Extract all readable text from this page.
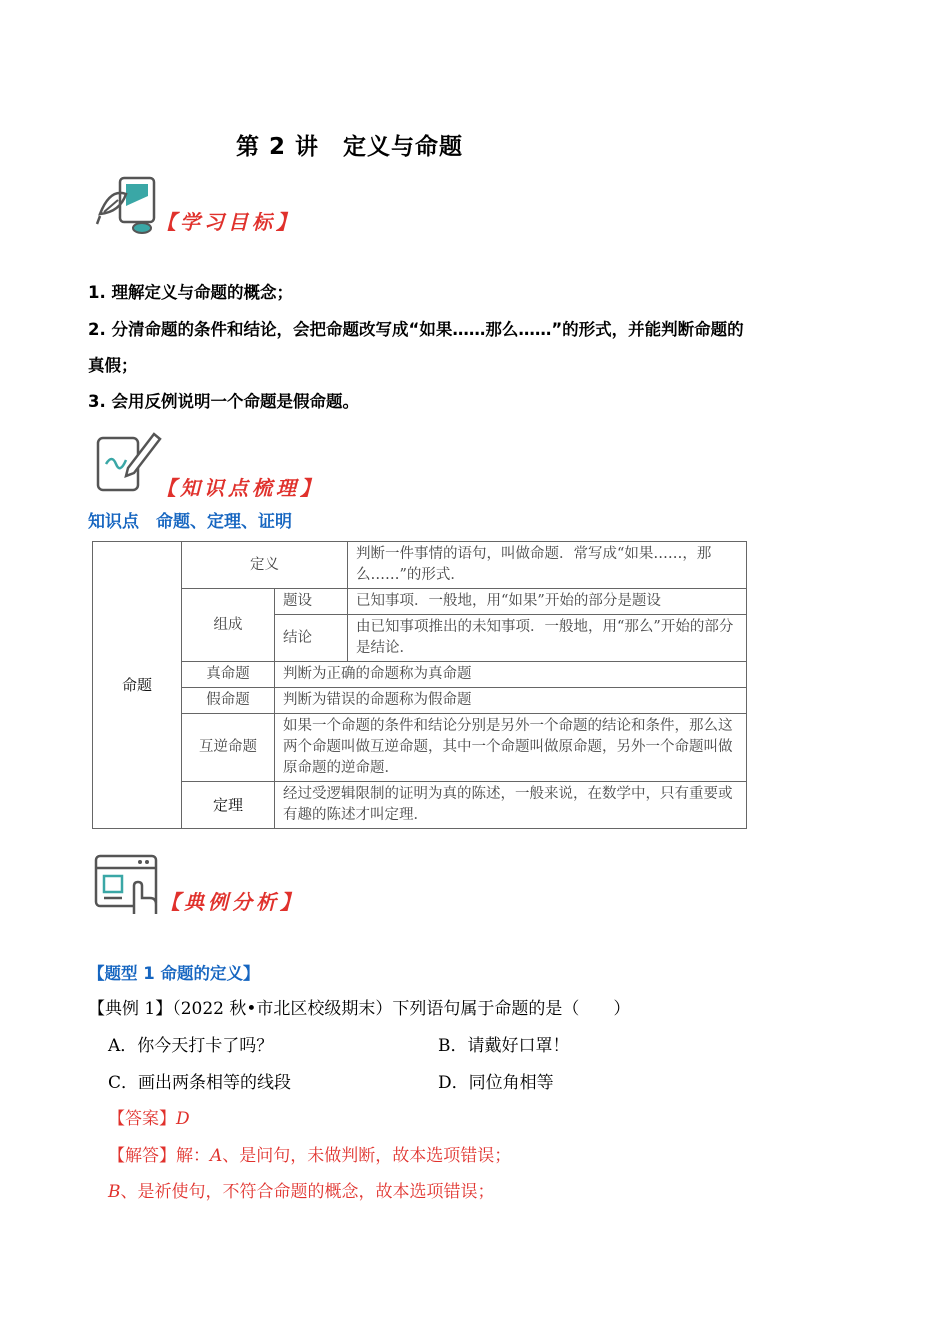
第 2 讲　定义与命题
【学习目标】
1. 理解定义与命题的概念；
2. 分清命题的条件和结论，会把命题改写成“如果……那么……”的形式，并能判断命题的
真假；
3. 会用反例说明一个命题是假命题。
【知识点梳理】
知识点　命题、定理、证明
命题	定义		判断一件事情的语句，叫做命题．常写成“如果……，那么……”的形式．
	组成	题设	已知事项．一般地，用“如果”开始的部分是题设
		结论	由已知事项推出的未知事项．一般地，用“那么”开始的部分是结论．
	真命题	判断为正确的命题称为真命题	
	假命题	判断为错误的命题称为假命题	
	互逆命题	如果一个命题的条件和结论分别是另外一个命题的结论和条件，那么这两个命题叫做互逆命题，其中一个命题叫做原命题，另外一个命题叫做原命题的逆命题．	
	定理	经过受逻辑限制的证明为真的陈述，一般来说，在数学中，只有重要或有趣的陈述才叫定理．	
【典例分析】
【题型 1 命题的定义】
【典例 1】（2022 秋•市北区校级期末）下列语句属于命题的是（　　）
A．你今天打卡了吗？	B．请戴好口罩！
C．画出两条相等的线段	D．同位角相等
【答案】D
【解答】解：A、是问句，未做判断，故本选项错误；
B、是祈使句，不符合命题的概念，故本选项错误；
